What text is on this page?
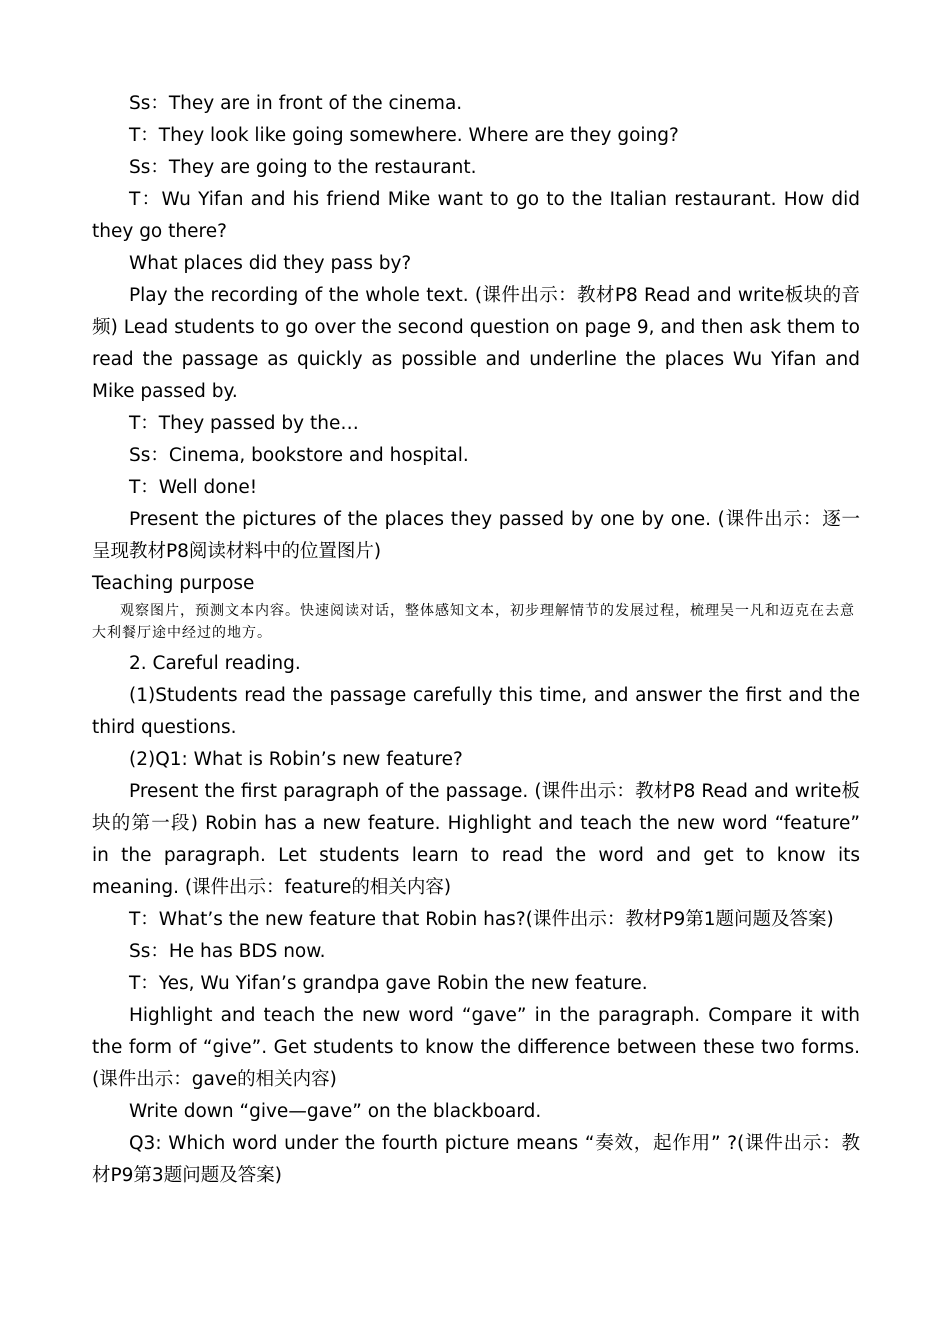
Ss：They are in front of the cinema.

T：They look like going somewhere. Where are they going?

Ss：They are going to the restaurant.

T：Wu Yifan and his friend Mike want to go to the Italian restaurant. How did they go there?

What places did they pass by?

Play the recording of the whole text. (课件出示：教材P8 Read and write板块的音频) Lead students to go over the second question on page 9, and then ask them to read the passage as quickly as possible and underline the places Wu Yifan and Mike passed by.

T：They passed by the…

Ss：Cinema, bookstore and hospital.

T：Well done!

Present the pictures of the places they passed by one by one. (课件出示：逐一呈现教材P8阅读材料中的位置图片)

Teaching purpose

观察图片，预测文本内容。快速阅读对话，整体感知文本，初步理解情节的发展过程，梳理吴一凡和迈克在去意大利餐厅途中经过的地方。

2. Careful reading.

(1)Students read the passage carefully this time, and answer the first and the third questions.

(2)Q1: What is Robin’s new feature?

Present the first paragraph of the passage. (课件出示：教材P8 Read and write板块的第一段) Robin has a new feature. Highlight and teach the new word “feature” in the paragraph. Let students learn to read the word and get to know its meaning. (课件出示：feature的相关内容)

T：What’s the new feature that Robin has?(课件出示：教材P9第1题问题及答案)

Ss：He has BDS now.

T：Yes, Wu Yifan’s grandpa gave Robin the new feature.

Highlight and teach the new word “gave” in the paragraph. Compare it with the form of “give”. Get students to know the difference between these two forms. (课件出示：gave的相关内容)

Write down “give—gave” on the blackboard.

Q3: Which word under the fourth picture means “奏效，起作用” ?(课件出示：教材P9第3题问题及答案)
